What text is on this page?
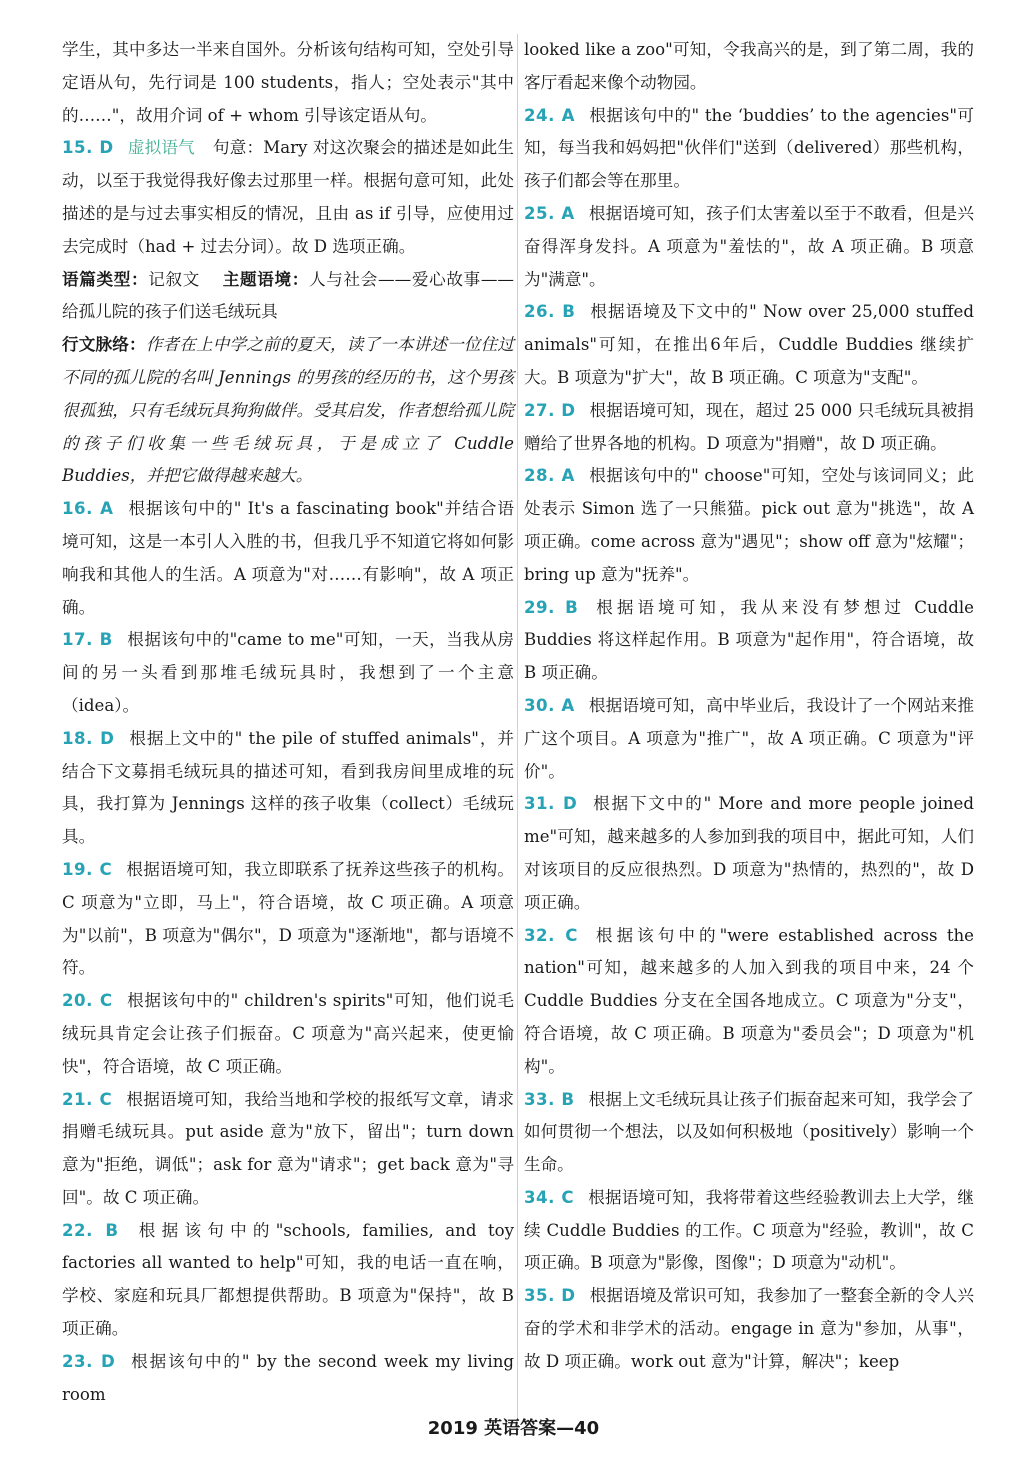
学生，其中多达一半来自国外。分析该句结构可知，空处引导定语从句，先行词是 100 students，指人；空处表示"其中的……"，故用介词 of + whom 引导该定语从句。

15. D 虚拟语气 句意：Mary 对这次聚会的描述是如此生动，以至于我觉得我好像去过那里一样。根据句意可知，此处描述的是与过去事实相反的情况，且由 as if 引导，应使用过去完成时（had + 过去分词）。故 D 选项正确。

语篇类型：记叙文 主题语境：人与社会——爱心故事——给孤儿院的孩子们送毛绒玩具

行文脉络：作者在上中学之前的夏天，读了一本讲述一位住过不同的孤儿院的名叫 Jennings 的男孩的经历的书，这个男孩很孤独，只有毛绒玩具狗狗做伴。受其启发，作者想给孤儿院的孩子们收集一些毛绒玩具，于是成立了 Cuddle Buddies，并把它做得越来越大。

16. A 根据该句中的" It's a fascinating book"并结合语境可知，这是一本引人入胜的书，但我几乎不知道它将如何影响我和其他人的生活。A 项意为"对……有影响"，故 A 项正确。

17. B 根据该句中的"came to me"可知，一天，当我从房间的另一头看到那堆毛绒玩具时，我想到了一个主意（idea）。

18. D 根据上文中的" the pile of stuffed animals"，并结合下文募捐毛绒玩具的描述可知，看到我房间里成堆的玩具，我打算为 Jennings 这样的孩子收集（collect）毛绒玩具。

19. C 根据语境可知，我立即联系了抚养这些孩子的机构。C 项意为"立即，马上"，符合语境，故 C 项正确。A 项意为"以前"，B 项意为"偶尔"，D 项意为"逐渐地"，都与语境不符。

20. C 根据该句中的" children's spirits"可知，他们说毛绒玩具肯定会让孩子们振奋。C 项意为"高兴起来，使更愉快"，符合语境，故 C 项正确。

21. C 根据语境可知，我给当地和学校的报纸写文章，请求捐赠毛绒玩具。put aside 意为"放下，留出"；turn down 意为"拒绝，调低"；ask for 意为"请求"；get back 意为"寻回"。故 C 项正确。

22. B 根据该句中的"schools, families, and toy factories all wanted to help"可知，我的电话一直在响，学校、家庭和玩具厂都想提供帮助。B 项意为"保持"，故 B 项正确。

23. D 根据该句中的" by the second week my living room

looked like a zoo"可知，令我高兴的是，到了第二周，我的客厅看起来像个动物园。

24. A 根据该句中的" the ‘buddies’ to the agencies"可知，每当我和妈妈把"伙伴们"送到（delivered）那些机构，孩子们都会等在那里。

25. A 根据语境可知，孩子们太害羞以至于不敢看，但是兴奋得浑身发抖。A 项意为"羞怯的"，故 A 项正确。B 项意为"满意"。

26. B 根据语境及下文中的" Now over 25,000 stuffed animals"可知，在推出6年后，Cuddle Buddies 继续扩大。B 项意为"扩大"，故 B 项正确。C 项意为"支配"。

27. D 根据语境可知，现在，超过 25 000 只毛绒玩具被捐赠给了世界各地的机构。D 项意为"捐赠"，故 D 项正确。

28. A 根据该句中的" choose"可知，空处与该词同义；此处表示 Simon 选了一只熊猫。pick out 意为"挑选"，故 A 项正确。come across 意为"遇见"；show off 意为"炫耀"；bring up 意为"抚养"。

29. B 根据语境可知，我从来没有梦想过 Cuddle Buddies 将这样起作用。B 项意为"起作用"，符合语境，故 B 项正确。

30. A 根据语境可知，高中毕业后，我设计了一个网站来推广这个项目。A 项意为"推广"，故 A 项正确。C 项意为"评价"。

31. D 根据下文中的" More and more people joined me"可知，越来越多的人参加到我的项目中，据此可知，人们对该项目的反应很热烈。D 项意为"热情的，热烈的"，故 D 项正确。

32. C 根据该句中的"were established across the nation"可知，越来越多的人加入到我的项目中来，24 个 Cuddle Buddies 分支在全国各地成立。C 项意为"分支"，符合语境，故 C 项正确。B 项意为"委员会"；D 项意为"机构"。

33. B 根据上文毛绒玩具让孩子们振奋起来可知，我学会了如何贯彻一个想法，以及如何积极地（positively）影响一个生命。

34. C 根据语境可知，我将带着这些经验教训去上大学，继续 Cuddle Buddies 的工作。C 项意为"经验，教训"，故 C 项正确。B 项意为"影像，图像"；D 项意为"动机"。

35. D 根据语境及常识可知，我参加了一整套全新的令人兴奋的学术和非学术的活动。engage in 意为"参加，从事"，故 D 项正确。work out 意为"计算，解决"；keep

2019 英语答案—40
